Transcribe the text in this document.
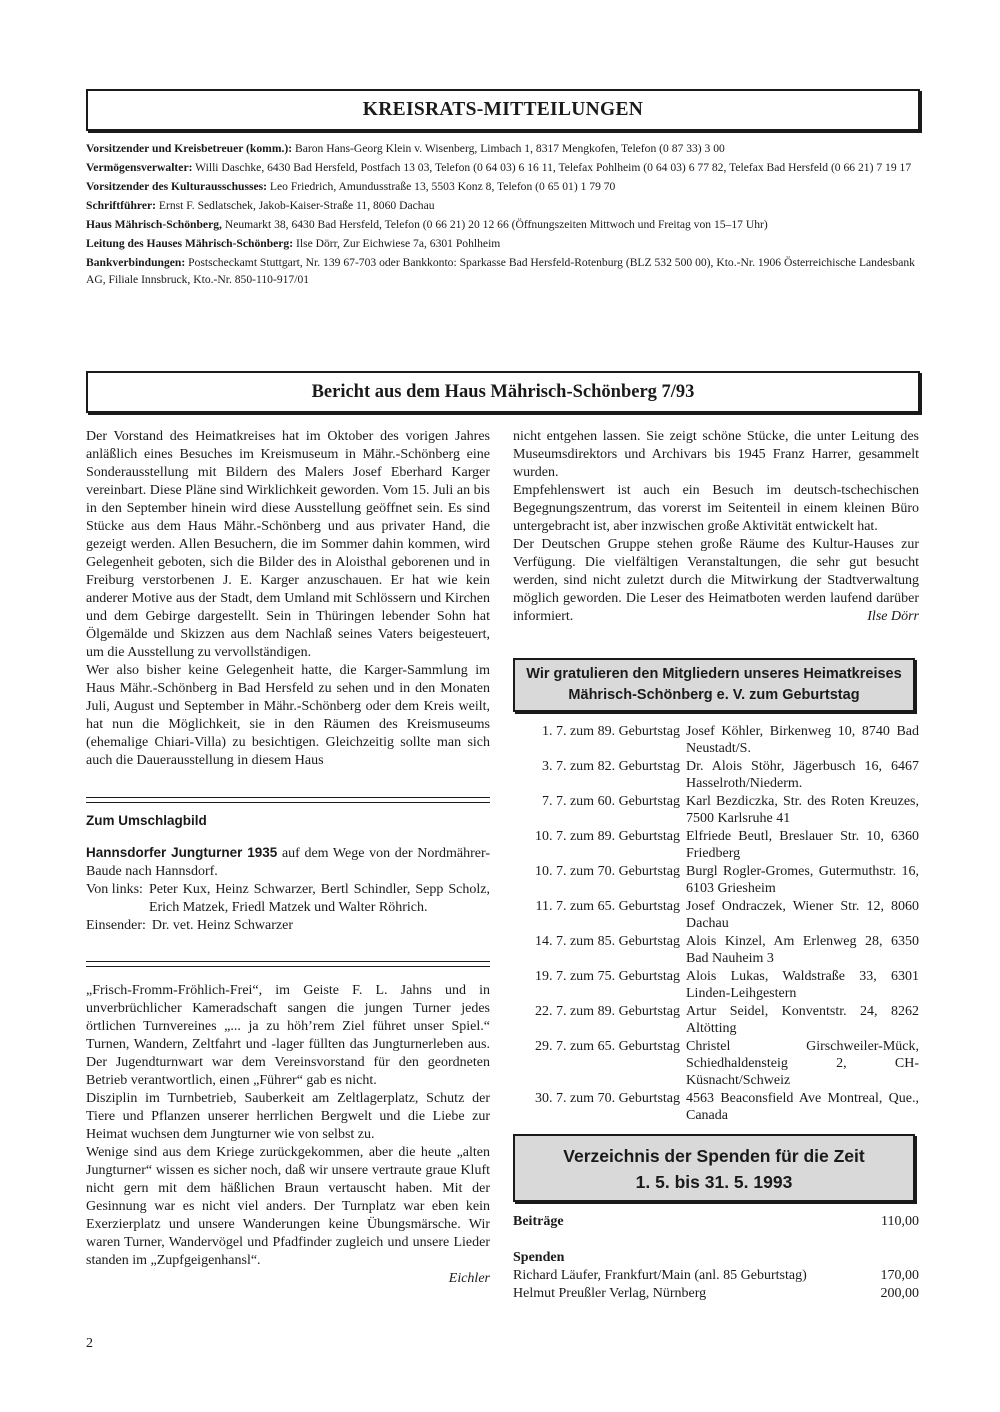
KREISRATS-MITTEILUNGEN

Vorsitzender und Kreisbetreuer (komm.): Baron Hans-Georg Klein v. Wisenberg, Limbach 1, 8317 Mengkofen, Telefon (0 87 33) 3 00

Vermögensverwalter: Willi Daschke, 6430 Bad Hersfeld, Postfach 13 03, Telefon (0 64 03) 6 16 11, Telefax Pohlheim (0 64 03) 6 77 82, Telefax Bad Hersfeld (0 66 21) 7 19 17

Vorsitzender des Kulturausschusses: Leo Friedrich, Amundusstraße 13, 5503 Konz 8, Telefon (0 65 01) 1 79 70

Schriftführer: Ernst F. Sedlatschek, Jakob-Kaiser-Straße 11, 8060 Dachau

Haus Mährisch-Schönberg, Neumarkt 38, 6430 Bad Hersfeld, Telefon (0 66 21) 20 12 66 (Öffnungszeiten Mittwoch und Freitag von 15–17 Uhr)

Leitung des Hauses Mährisch-Schönberg: Ilse Dörr, Zur Eichwiese 7a, 6301 Pohlheim

Bankverbindungen: Postscheckamt Stuttgart, Nr. 139 67-703 oder Bankkonto: Sparkasse Bad Hersfeld-Rotenburg (BLZ 532 500 00), Kto.-Nr. 1906 Österreichische Landesbank AG, Filiale Innsbruck, Kto.-Nr. 850-110-917/01

Bericht aus dem Haus Mährisch-Schönberg 7/93

Der Vorstand des Heimatkreises hat im Oktober des vorigen Jahres anläßlich eines Besuches im Kreismuseum in Mähr.-Schönberg eine Sonderausstellung mit Bildern des Malers Josef Eberhard Karger vereinbart. Diese Pläne sind Wirklichkeit geworden. Vom 15. Juli an bis in den September hinein wird diese Ausstellung geöffnet sein. Es sind Stücke aus dem Haus Mähr.-Schönberg und aus privater Hand, die gezeigt werden. Allen Besuchern, die im Sommer dahin kommen, wird Gelegenheit geboten, sich die Bilder des in Aloisthal geborenen und in Freiburg verstorbenen J. E. Karger anzuschauen. Er hat wie kein anderer Motive aus der Stadt, dem Umland mit Schlössern und Kirchen und dem Gebirge dargestellt. Sein in Thüringen lebender Sohn hat Ölgemälde und Skizzen aus dem Nachlaß seines Vaters beigesteuert, um die Ausstellung zu vervollständigen.

Wer also bisher keine Gelegenheit hatte, die Karger-Sammlung im Haus Mähr.-Schönberg in Bad Hersfeld zu sehen und in den Monaten Juli, August und September in Mähr.-Schönberg oder dem Kreis weilt, hat nun die Möglichkeit, sie in den Räumen des Kreismuseums (ehemalige Chiari-Villa) zu besichtigen. Gleichzeitig sollte man sich auch die Dauerausstellung in diesem Haus

nicht entgehen lassen. Sie zeigt schöne Stücke, die unter Leitung des Museumsdirektors und Archivars bis 1945 Franz Harrer, gesammelt wurden.

Empfehlenswert ist auch ein Besuch im deutsch-tschechischen Begegnungszentrum, das vorerst im Seitenteil in einem kleinen Büro untergebracht ist, aber inzwischen große Aktivität entwickelt hat.

Der Deutschen Gruppe stehen große Räume des Kultur-Hauses zur Verfügung. Die vielfältigen Veranstaltungen, die sehr gut besucht werden, sind nicht zuletzt durch die Mitwirkung der Stadtverwaltung möglich geworden. Die Leser des Heimatboten werden laufend darüber informiert.	Ilse Dörr

Zum Umschlagbild

Hannsdorfer Jungturner 1935 auf dem Wege von der Nordmährer-Baude nach Hannsdorf.

Von links: Peter Kux, Heinz Schwarzer, Bertl Schindler, Sepp Scholz, Erich Matzek, Friedl Matzek und Walter Röhrich.
Einsender: Dr. vet. Heinz Schwarzer

„Frisch-Fromm-Fröhlich-Frei“, im Geiste F. L. Jahns und in unverbrüchlicher Kameradschaft sangen die jungen Turner jedes örtlichen Turnvereines „... ja zu höh’rem Ziel führet unser Spiel.“ Turnen, Wandern, Zeltfahrt und -lager füllten das Jungturnerleben aus. Der Jugendturnwart war dem Vereinsvorstand für den geordneten Betrieb verantwortlich, einen „Führer“ gab es nicht.

Disziplin im Turnbetrieb, Sauberkeit am Zeltlagerplatz, Schutz der Tiere und Pflanzen unserer herrlichen Bergwelt und die Liebe zur Heimat wuchsen dem Jungturner wie von selbst zu.

Wenige sind aus dem Kriege zurückgekommen, aber die heute „alten Jungturner“ wissen es sicher noch, daß wir unsere vertraute graue Kluft nicht gern mit dem häßlichen Braun vertauscht haben. Mit der Gesinnung war es nicht viel anders. Der Turnplatz war eben kein Exerzierplatz und unsere Wanderungen keine Übungsmärsche. Wir waren Turner, Wandervögel und Pfadfinder zugleich und unsere Lieder standen im „Zupfgeigenhansl“.

Eichler

Wir gratulieren den Mitgliedern unseres Heimatkreises
Mährisch-Schönberg e. V. zum Geburtstag
1. 7. zum 89. Geburtstag Josef Köhler, Birkenweg 10, 8740 Bad Neustadt/S.
3. 7. zum 82. Geburtstag Dr. Alois Stöhr, Jägerbusch 16, 6467 Hasselroth/Niederm.
7. 7. zum 60. Geburtstag Karl Bezdiczka, Str. des Roten Kreuzes, 7500 Karlsruhe 41
10. 7. zum 89. Geburtstag Elfriede Beutl, Breslauer Str. 10, 6360 Friedberg
10. 7. zum 70. Geburtstag Burgl Rogler-Gromes, Gutermuthstr. 16, 6103 Griesheim
11. 7. zum 65. Geburtstag Josef Ondraczek, Wiener Str. 12, 8060 Dachau
14. 7. zum 85. Geburtstag Alois Kinzel, Am Erlenweg 28, 6350 Bad Nauheim 3
19. 7. zum 75. Geburtstag Alois Lukas, Waldstraße 33, 6301 Linden-Leihgestern
22. 7. zum 89. Geburtstag Artur Seidel, Konventstr. 24, 8262 Altötting
29. 7. zum 65. Geburtstag Christel Girschweiler-Mück, Schiedhaldensteig 2, CH-Küsnacht/Schweiz
30. 7. zum 70. Geburtstag 4563 Beaconsfield Ave Montreal, Que., Canada
Verzeichnis der Spenden für die Zeit
1. 5. bis 31. 5. 1993
Beiträge	110,00
Spenden
Richard Läufer, Frankfurt/Main (anl. 85 Geburtstag)	170,00
Helmut Preußler Verlag, Nürnberg	200,00
2
